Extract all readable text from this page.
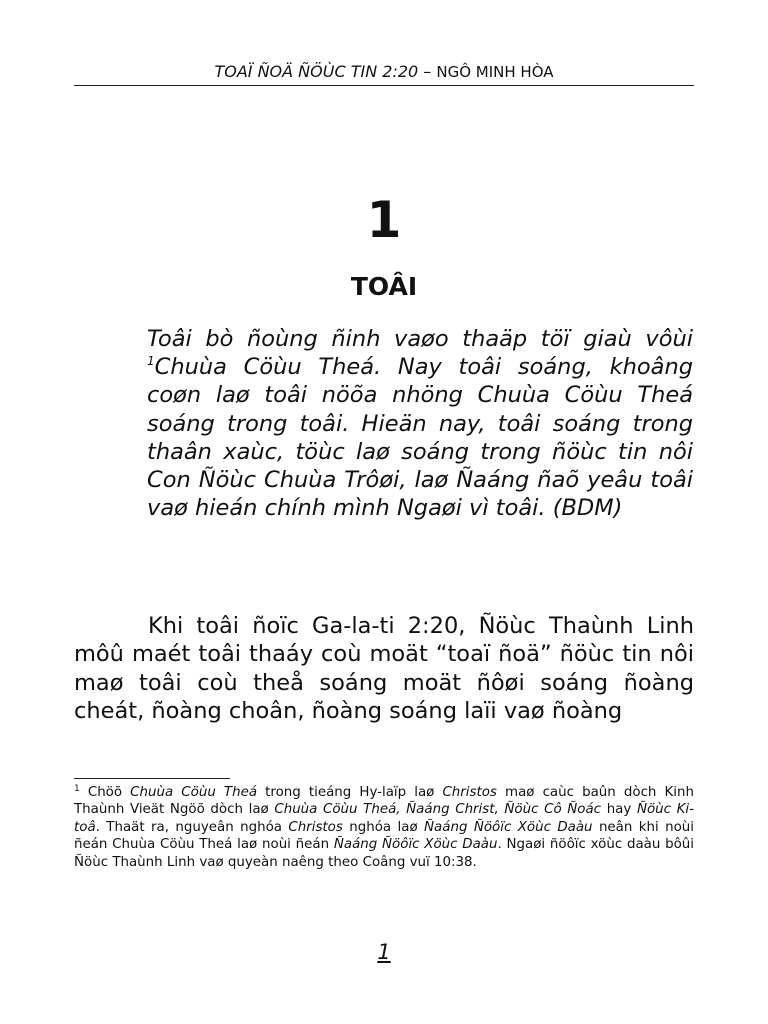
TOAÏ ÑOÄ ÑÖÙC TIN 2:20 – NGÔ MINH HÒA
1
TOÂI

Toâi bò ñoùng ñinh vaøo thaäp töï giaù vôùi $^1$Chuùa Cöùu Theá. Nay toâi soáng, khoâng coøn laø toâi nöõa nhöng Chuùa Cöùu Theá soáng trong toâi. Hieän nay, toâi soáng trong thaân xaùc, töùc laø soáng trong ñöùc tin nôi Con Ñöùc Chuùa Trôøi, laø Ñaáng ñaõ yeâu toâi vaø hieán chính mình Ngaøi vì toâi. (BDM)

Khi toâi ñoïc Ga-la-ti 2:20, Ñöùc Thaùnh Linh môû maét toâi thaáy coù moät “toaï ñoä” ñöùc tin nôi maø toâi coù theå soáng moät ñôøi soáng ñoàng cheát, ñoàng choân, ñoàng soáng laïi vaø ñoàng

$^1$ Chöõ Chuùa Cöùu Theá trong tieáng Hy-laïp laø Christos maø caùc baûn dòch Kinh Thaùnh Vieät Ngöõ dòch laø Chuùa Cöùu Theá, Ñaáng Christ, Ñöùc Cô Ñoác hay Ñöùc Ki-toâ. Thaät ra, nguyeân nghóa Christos nghóa laø Ñaáng Ñöôïc Xöùc Daàu neân khi noùi ñeán Chuùa Cöùu Theá laø noùi ñeán Ñaáng Ñöôïc Xöùc Daàu. Ngaøi ñöôïc xöùc daàu bôûi Ñöùc Thaùnh Linh vaø quyeàn naêng theo Coâng vuï 10:38.

1
